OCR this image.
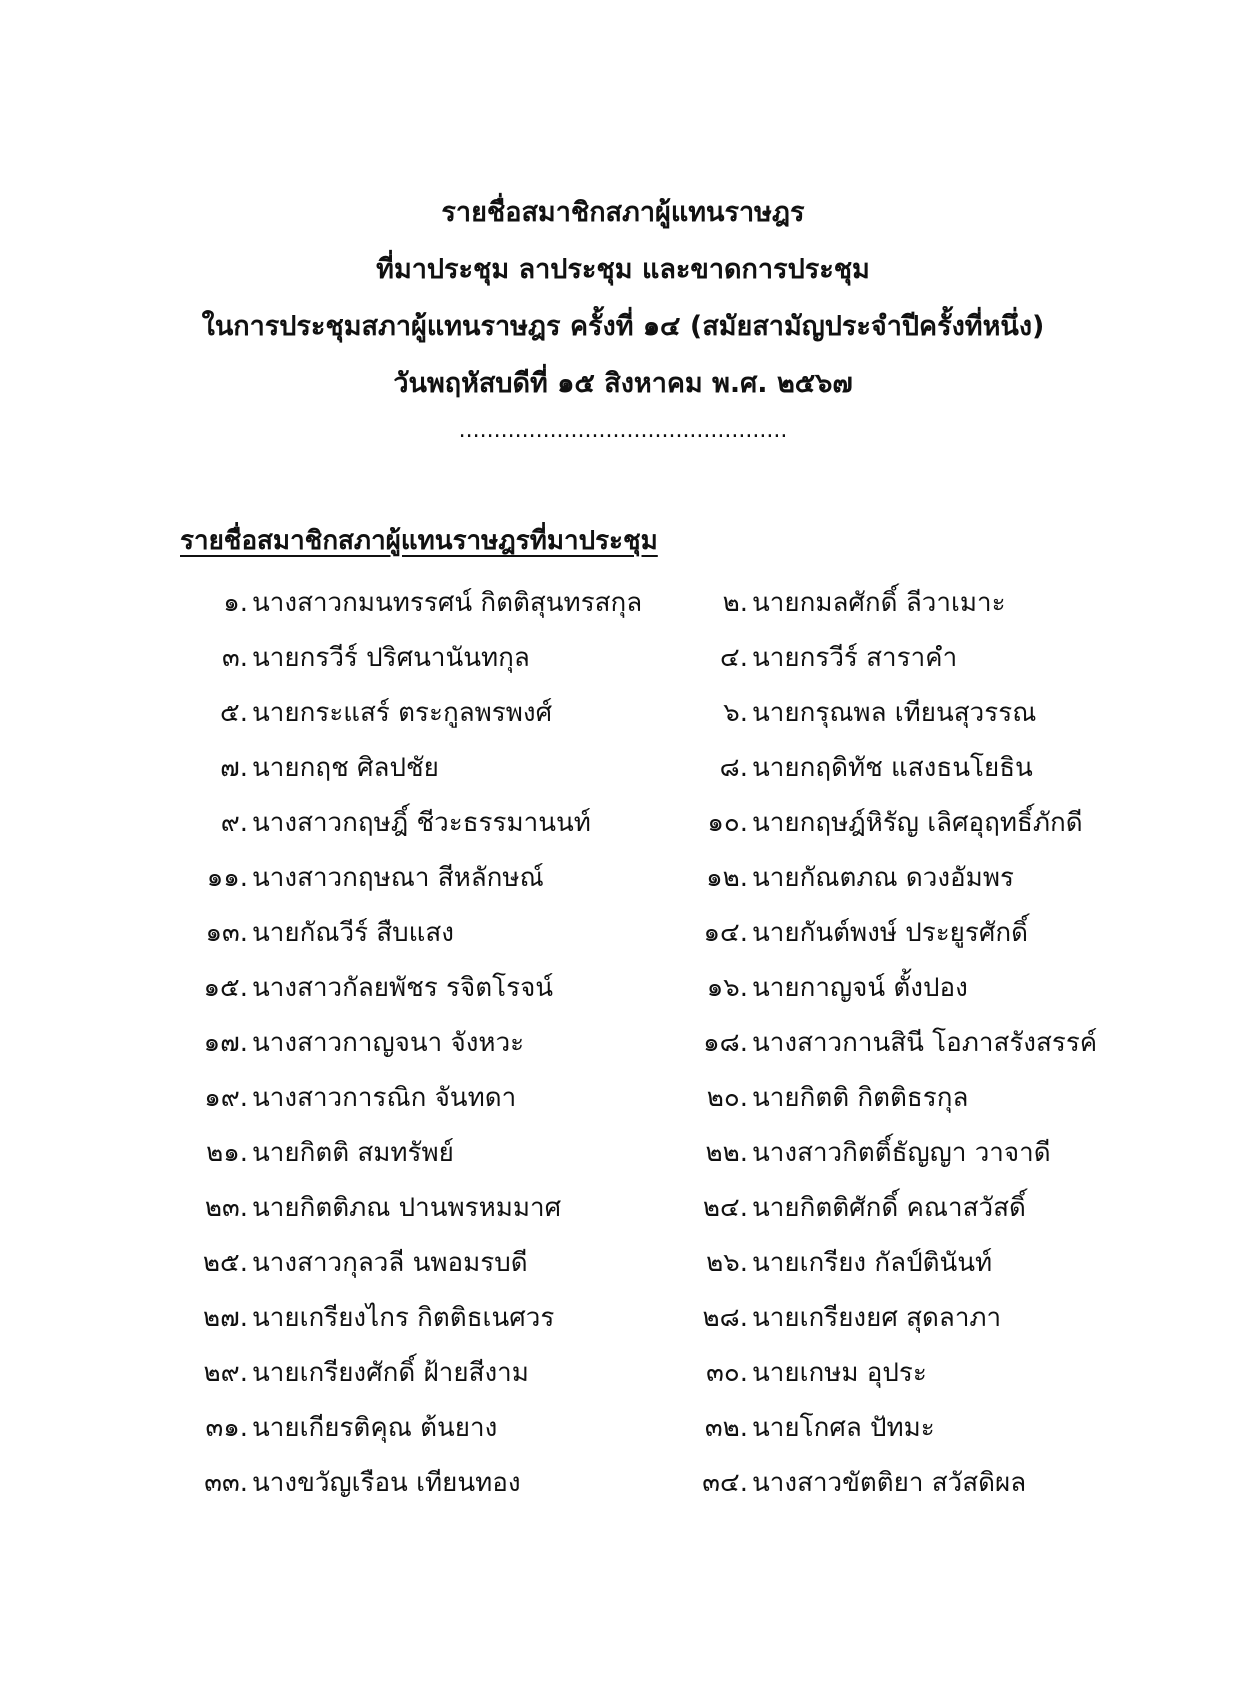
รายชื่อสมาชิกสภาผู้แทนราษฎร
ที่มาประชุม ลาประชุม และขาดการประชุม
ในการประชุมสภาผู้แทนราษฎร ครั้งที่ ๑๔ (สมัยสามัญประจำปีครั้งที่หนึ่ง)
วันพฤหัสบดีที่ ๑๕ สิงหาคม พ.ศ. ๒๕๖๗
...............................................
รายชื่อสมาชิกสภาผู้แทนราษฎรที่มาประชุม
๑. นางสาวกมนทรรศน์ กิตติสุนทรสกุล	๒. นายกมลศักดิ์ ลีวาเมาะ
๓. นายกรวีร์ ปริศนานันทกุล	๔. นายกรวีร์ สาราคำ
๕. นายกระแสร์ ตระกูลพรพงศ์	๖. นายกรุณพล เทียนสุวรรณ
๗. นายกฤช ศิลปชัย	๘. นายกฤดิทัช แสงธนโยธิน
๙. นางสาวกฤษฎิ์ ชีวะธรรมานนท์	๑๐. นายกฤษฎ์หิรัญ เลิศอุฤทธิ์ภักดี
๑๑. นางสาวกฤษณา สีหลักษณ์	๑๒. นายกัณตภณ ดวงอัมพร
๑๓. นายกัณวีร์ สืบแสง	๑๔. นายกันต์พงษ์ ประยูรศักดิ์
๑๕. นางสาวกัลยพัชร รจิตโรจน์	๑๖. นายกาญจน์ ตั้งปอง
๑๗. นางสาวกาญจนา จังหวะ	๑๘. นางสาวกานสินี โอภาสรังสรรค์
๑๙. นางสาวการณิก จันทดา	๒๐. นายกิตติ กิตติธรกุล
๒๑. นายกิตติ สมทรัพย์	๒๒. นางสาวกิตติ์ธัญญา วาจาดี
๒๓. นายกิตติภณ ปานพรหมมาศ	๒๔. นายกิตติศักดิ์ คณาสวัสดิ์
๒๕. นางสาวกุลวลี นพอมรบดี	๒๖. นายเกรียง กัลป์ตินันท์
๒๗. นายเกรียงไกร กิตติธเนศวร	๒๘. นายเกรียงยศ สุดลาภา
๒๙. นายเกรียงศักดิ์ ฝ้ายสีงาม	๓๐. นายเกษม อุประ
๓๑. นายเกียรติคุณ ต้นยาง	๓๒. นายโกศล ปัทมะ
๓๓. นางขวัญเรือน เทียนทอง	๓๔. นางสาวขัตติยา สวัสดิผล
